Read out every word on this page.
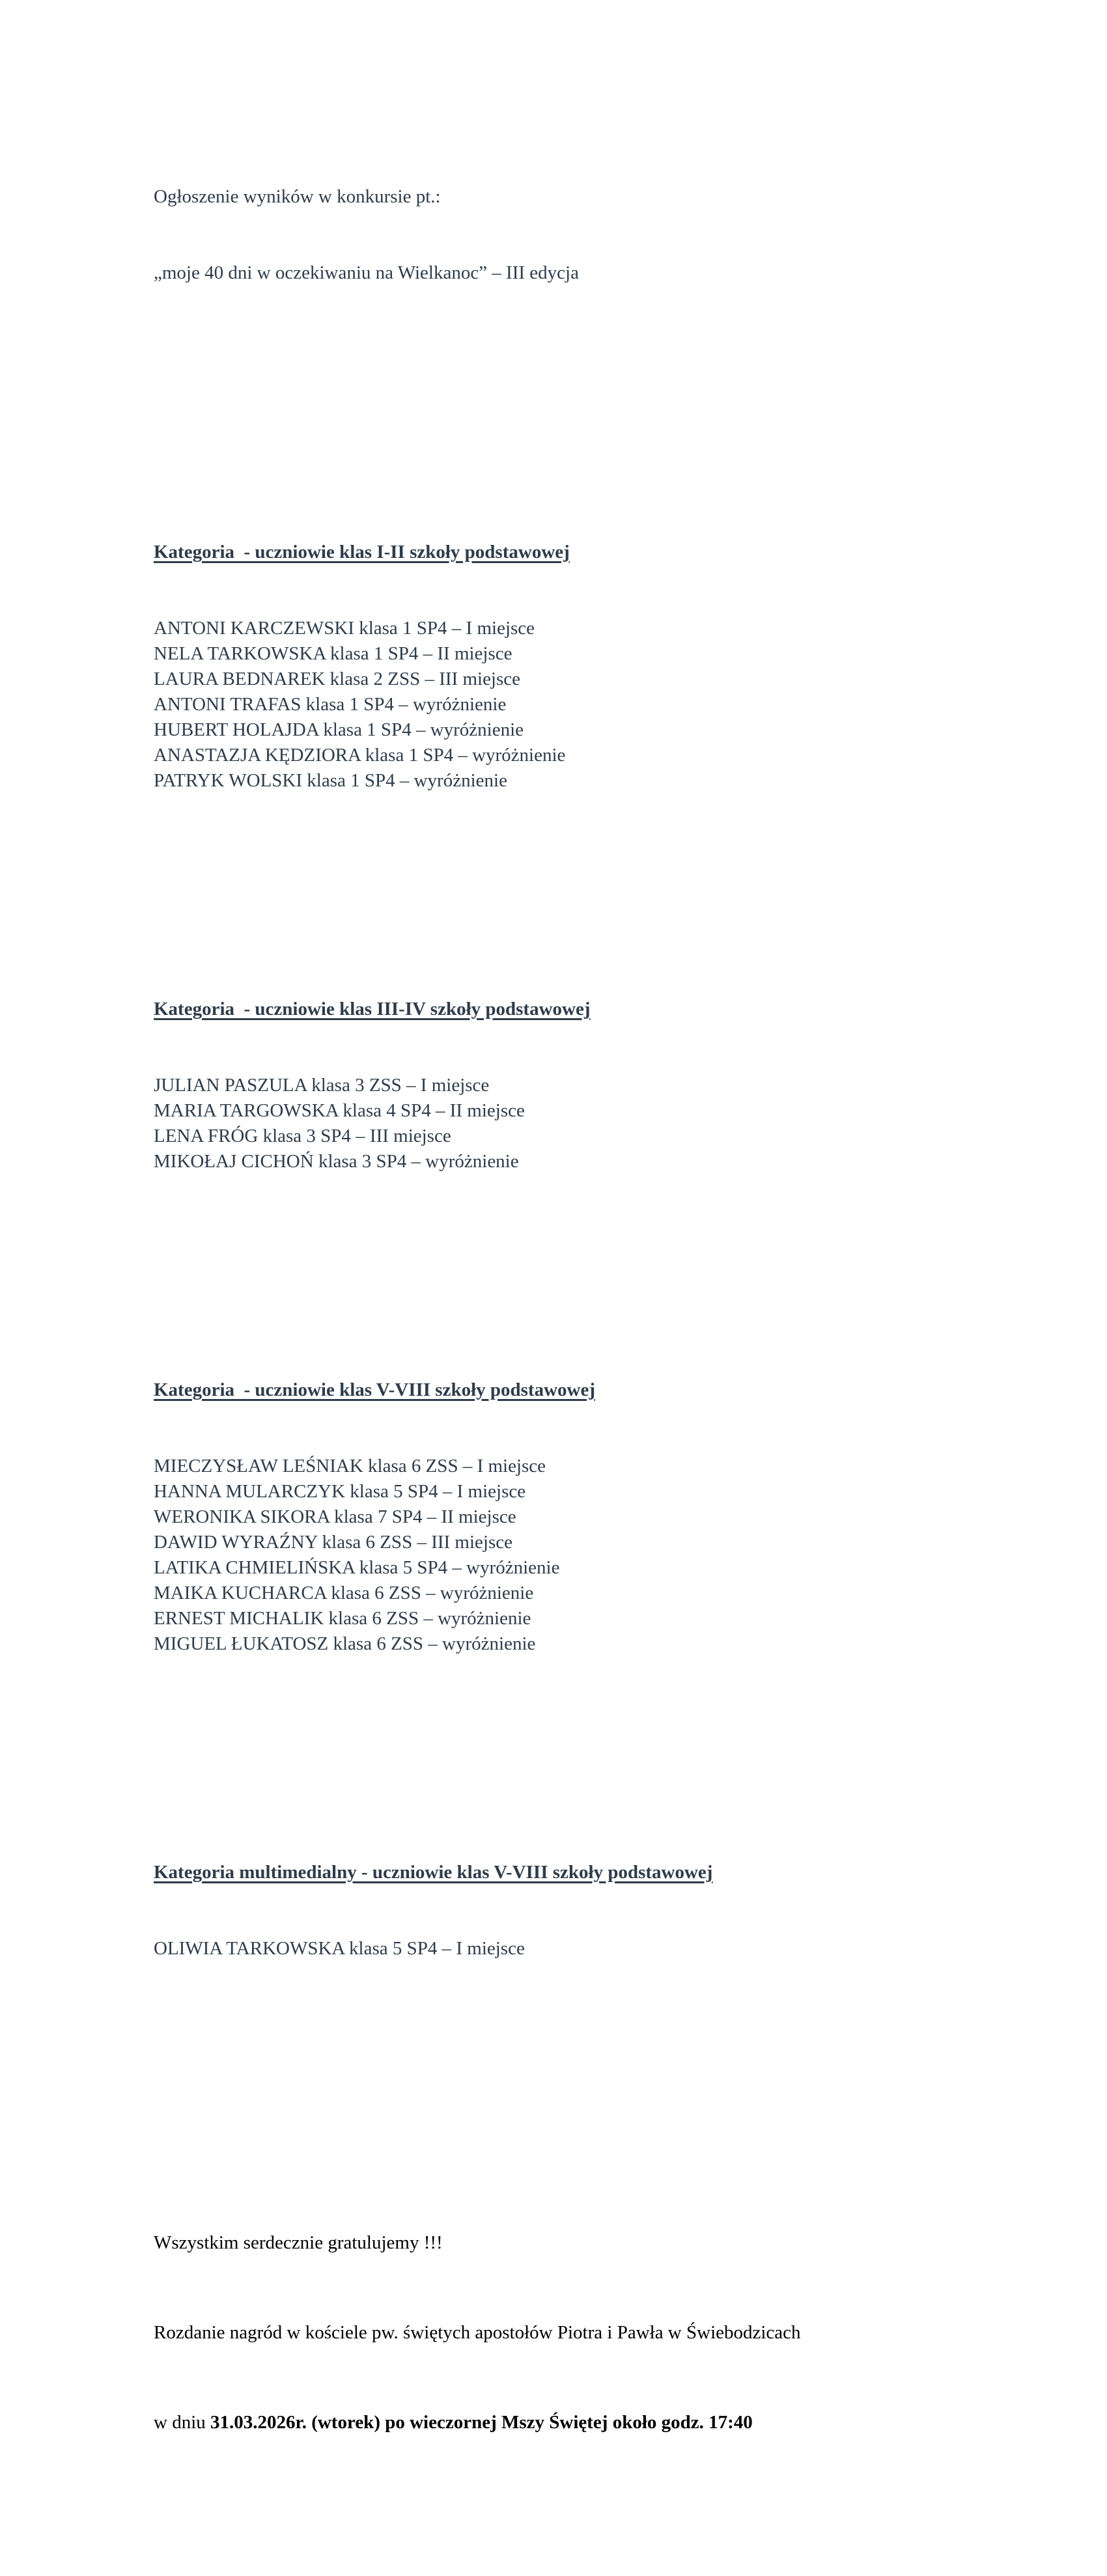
Ogłoszenie wyników w konkursie pt.:

„moje 40 dni w oczekiwaniu na Wielkanoc” – III edycja

Kategoria  - uczniowie klas I-II szkoły podstawowej

ANTONI KARCZEWSKI klasa 1 SP4 – I miejsce
NELA TARKOWSKA klasa 1 SP4 – II miejsce
LAURA BEDNAREK klasa 2 ZSS – III miejsce
ANTONI TRAFAS klasa 1 SP4 – wyróżnienie
HUBERT HOLAJDA klasa 1 SP4 – wyróżnienie
ANASTAZJA KĘDZIORA klasa 1 SP4 – wyróżnienie
PATRYK WOLSKI klasa 1 SP4 – wyróżnienie

Kategoria  - uczniowie klas III-IV szkoły podstawowej

JULIAN PASZULA klasa 3 ZSS – I miejsce
MARIA TARGOWSKA klasa 4 SP4 – II miejsce
LENA FRÓG klasa 3 SP4 – III miejsce
MIKOŁAJ CICHOŃ klasa 3 SP4 – wyróżnienie

Kategoria  - uczniowie klas V-VIII szkoły podstawowej

MIECZYSŁAW LEŚNIAK klasa 6 ZSS – I miejsce
HANNA MULARCZYK klasa 5 SP4 – I miejsce
WERONIKA SIKORA klasa 7 SP4 – II miejsce
DAWID WYRAŹNY klasa 6 ZSS – III miejsce
LATIKA CHMIELIŃSKA klasa 5 SP4 – wyróżnienie
MAIKA KUCHARCA klasa 6 ZSS – wyróżnienie
ERNEST MICHALIK klasa 6 ZSS – wyróżnienie
MIGUEL ŁUKATOSZ klasa 6 ZSS – wyróżnienie

Kategoria multimedialny - uczniowie klas V-VIII szkoły podstawowej

OLIWIA TARKOWSKA klasa 5 SP4 – I miejsce

Wszystkim serdecznie gratulujemy !!!

Rozdanie nagród w kościele pw. świętych apostołów Piotra i Pawła w Świebodzicach

w dniu 31.03.2026r. (wtorek) po wieczornej Mszy Świętej około godz. 17:40
